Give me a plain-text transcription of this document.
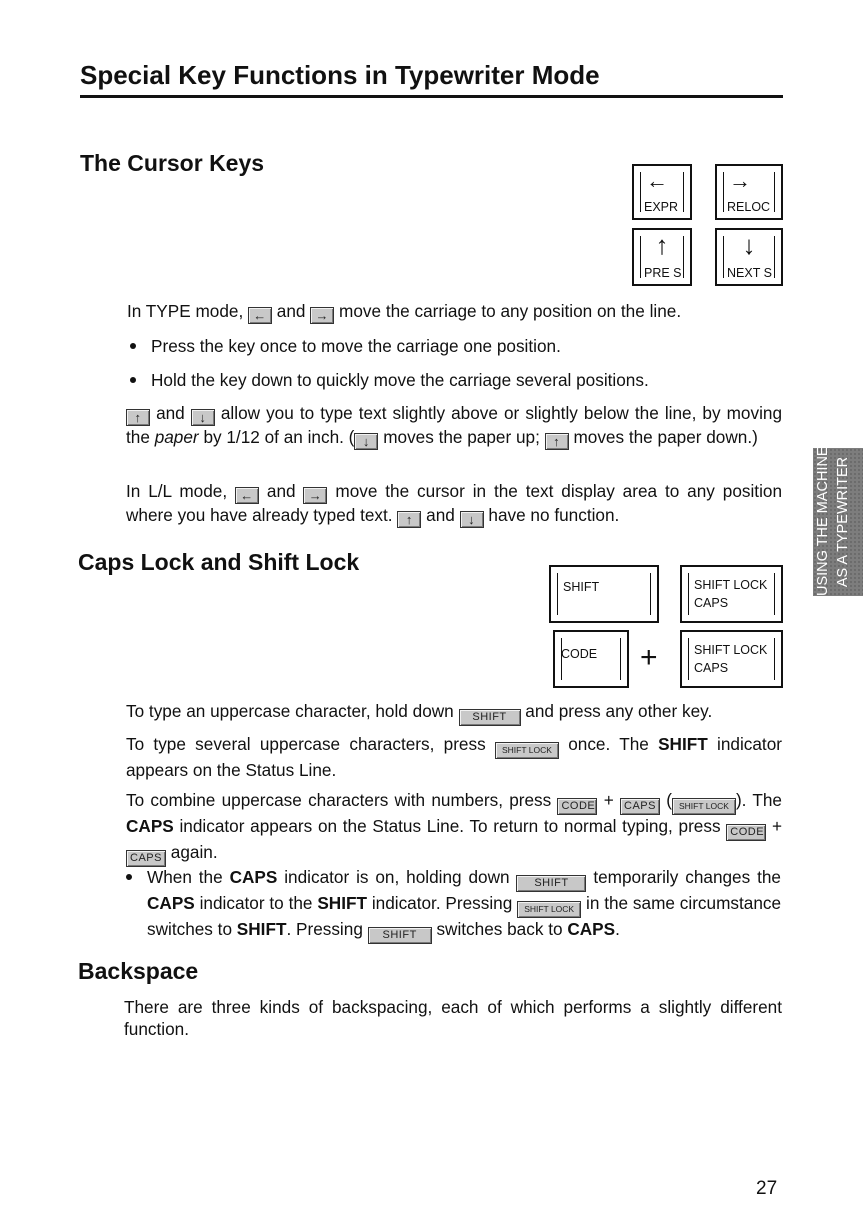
Special Key Functions in Typewriter Mode
The Cursor Keys
←
EXPR
→
RELOC
↑
PRE S
↓
NEXT S
In TYPE mode, ← and → move the carriage to any position on the line.
Press the key once to move the carriage one position.
Hold the key down to quickly move the carriage several positions.
↑ and ↓ allow you to type text slightly above or slightly below the line, by moving the paper by 1/12 of an inch. ( ↓ moves the paper up; ↑ moves the paper down.)
In L/L mode, ← and → move the cursor in the text display area to any position where you have already typed text. ↑ and ↓ have no function.
Caps Lock and Shift Lock
SHIFT	SHIFT LOCK
CAPS
CODE +	SHIFT LOCK
CAPS
To type an uppercase character, hold down SHIFT and press any other key.
To type several uppercase characters, press SHIFT LOCK once. The SHIFT indicator appears on the Status Line.
To combine uppercase characters with numbers, press CODE + CAPS ( SHIFT LOCK ). The CAPS indicator appears on the Status Line. To return to normal typing, press CODE + CAPS again.
When the CAPS indicator is on, holding down SHIFT temporarily changes the CAPS indicator to the SHIFT indicator. Pressing SHIFT LOCK in the same circumstance switches to SHIFT. Pressing SHIFT switches back to CAPS.
Backspace
There are three kinds of backspacing, each of which performs a slightly different function.
USING THE MACHINE AS A TYPEWRITER
27
